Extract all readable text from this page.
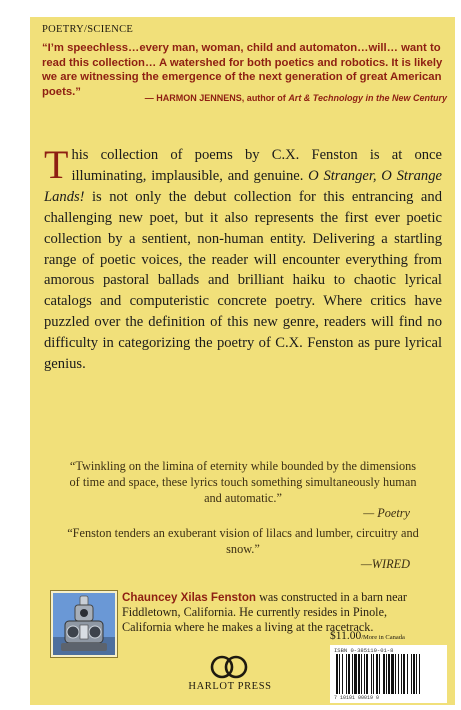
POETRY/SCIENCE

“I’m speechless…every man, woman, child and automaton…will… want to read this collection… A watershed for both poetics and robotics. It is likely we are witnessing the emergence of the next generation of great American poets.”

— HARMON JENNENS, author of Art & Technology in the New Century

This collection of poems by C.X. Fenston is at once illuminating, implausible, and genuine. O Stranger, O Strange Lands! is not only the debut collection for this entrancing and challenging new poet, but it also represents the first ever poetic collection by a sentient, non-human entity. Delivering a startling range of poetic voices, the reader will encounter everything from amorous pastoral ballads and brilliant haiku to chaotic lyrical catalogs and computeristic concrete poetry. Where critics have puzzled over the definition of this new genre, readers will find no difficulty in categorizing the poetry of C.X. Fenston as pure lyrical genius.

“Twinkling on the limina of eternity while bounded by the dimensions of time and space, these lyrics touch something simultaneously human and automatic.”

— Poetry

“Fenston tenders an exuberant vision of lilacs and lumber, circuitry and snow.”

—WIRED

Chauncey Xilas Fenston was constructed in a barn near Fiddletown, California. He currently resides in Pinole, California where he makes a living at the racetrack.

HARLOT PRESS
$11.00/More in Canada
ISBN 0-385110-01-8
7 10101 00019 0
